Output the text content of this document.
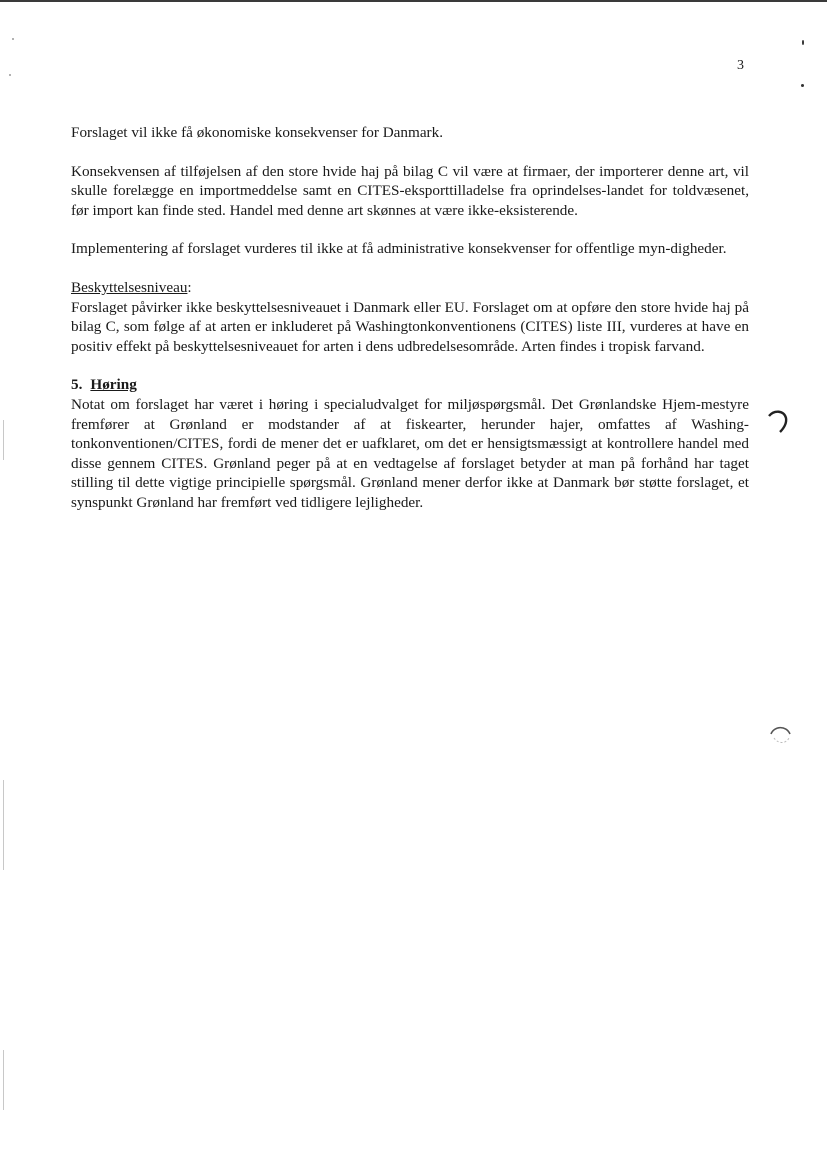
3

Forslaget vil ikke få økonomiske konsekvenser for Danmark.

Konsekvensen af tilføjelsen af den store hvide haj på bilag C vil være at firmaer, der importerer denne art, vil skulle forelægge en importmeddelse samt en CITES-eksporttilladelse fra oprindelses-landet for toldvæsenet, før import kan finde sted. Handel med denne art skønnes at være ikke-eksisterende.

Implementering af forslaget vurderes til ikke at få administrative konsekvenser for offentlige myn-digheder.

Beskyttelsesniveau:
Forslaget påvirker ikke beskyttelsesniveauet i Danmark eller EU. Forslaget om at opføre den store hvide haj på bilag C, som følge af at arten er inkluderet på Washingtonkonventionens (CITES) liste III, vurderes at have en positiv effekt på beskyttelsesniveauet for arten i dens udbredelsesområde. Arten findes i tropisk farvand.
5. Høring
Notat om forslaget har været i høring i specialudvalget for miljøspørgsmål. Det Grønlandske Hjem-mestyre fremfører at Grønland er modstander af at fiskearter, herunder hajer, omfattes af Washing-tonkonventionen/CITES, fordi de mener det er uafklaret, om det er hensigtsmæssigt at kontrollere handel med disse gennem CITES. Grønland peger på at en vedtagelse af forslaget betyder at man på forhånd har taget stilling til dette vigtige principielle spørgsmål. Grønland mener derfor ikke at Danmark bør støtte forslaget, et synspunkt Grønland har fremført ved tidligere lejligheder.
